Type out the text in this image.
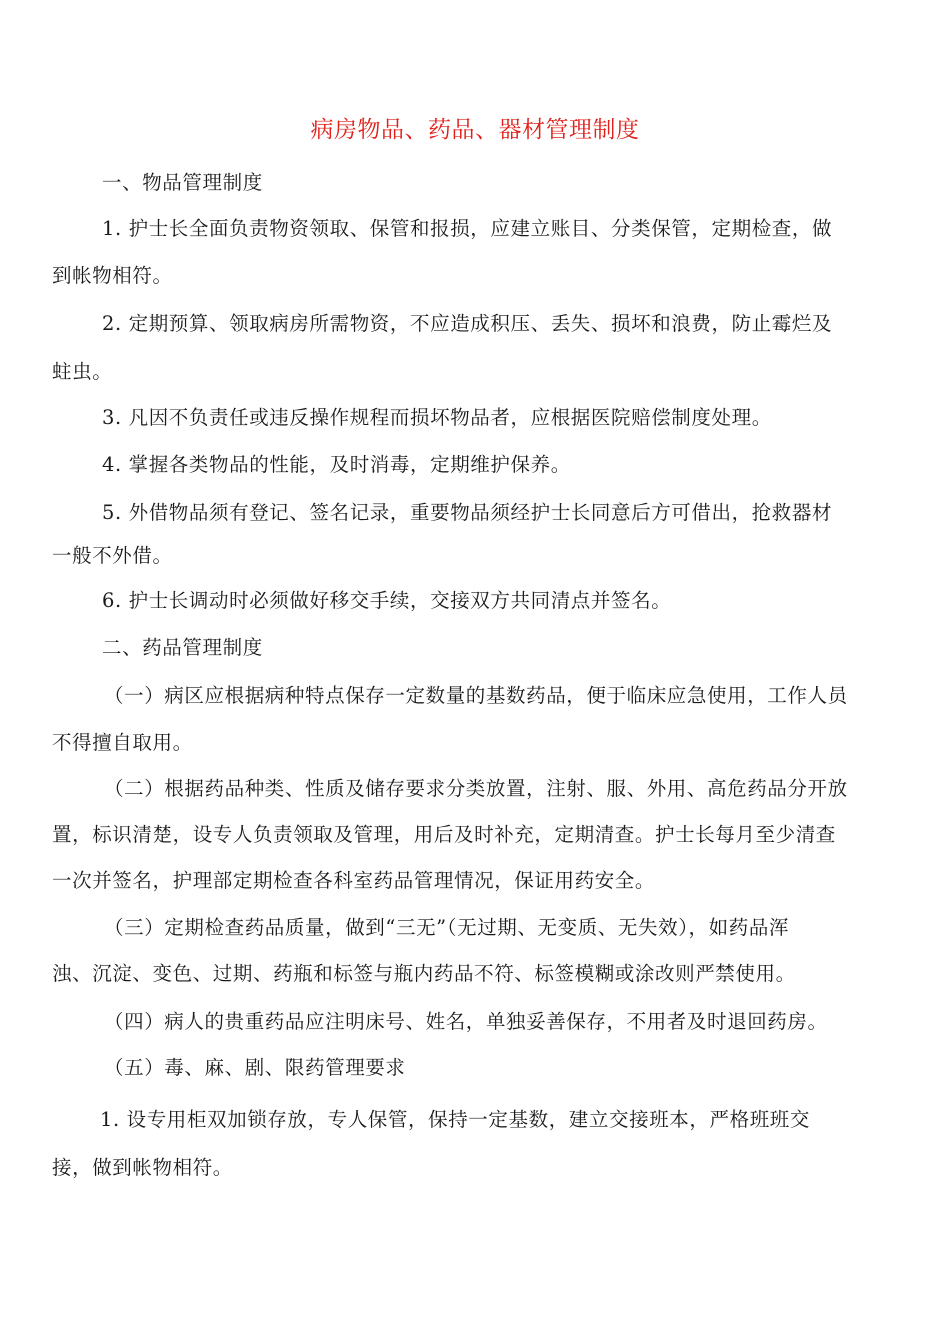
病房物品、药品、器材管理制度
一、物品管理制度
1. 护士长全面负责物资领取、保管和报损，应建立账目、分类保管，定期检查，做
到帐物相符。
2. 定期预算、领取病房所需物资，不应造成积压、丢失、损坏和浪费，防止霉烂及
蛀虫。
3. 凡因不负责任或违反操作规程而损坏物品者，应根据医院赔偿制度处理。
4. 掌握各类物品的性能，及时消毒，定期维护保养。
5. 外借物品须有登记、签名记录，重要物品须经护士长同意后方可借出，抢救器材
一般不外借。
6. 护士长调动时必须做好移交手续，交接双方共同清点并签名。
二、药品管理制度
（一）病区应根据病种特点保存一定数量的基数药品，便于临床应急使用，工作人员
不得擅自取用。
（二）根据药品种类、性质及储存要求分类放置，注射、服、外用、高危药品分开放
置，标识清楚，设专人负责领取及管理，用后及时补充，定期清查。护士长每月至少清查
一次并签名，护理部定期检查各科室药品管理情况，保证用药安全。
（三）定期检查药品质量，做到“三无”（无过期、无变质、无失效），如药品浑
浊、沉淀、变色、过期、药瓶和标签与瓶内药品不符、标签模糊或涂改则严禁使用。
（四）病人的贵重药品应注明床号、姓名，单独妥善保存，不用者及时退回药房。
（五）毒、麻、剧、限药管理要求
1. 设专用柜双加锁存放，专人保管，保持一定基数，建立交接班本，严格班班交
接，做到帐物相符。
